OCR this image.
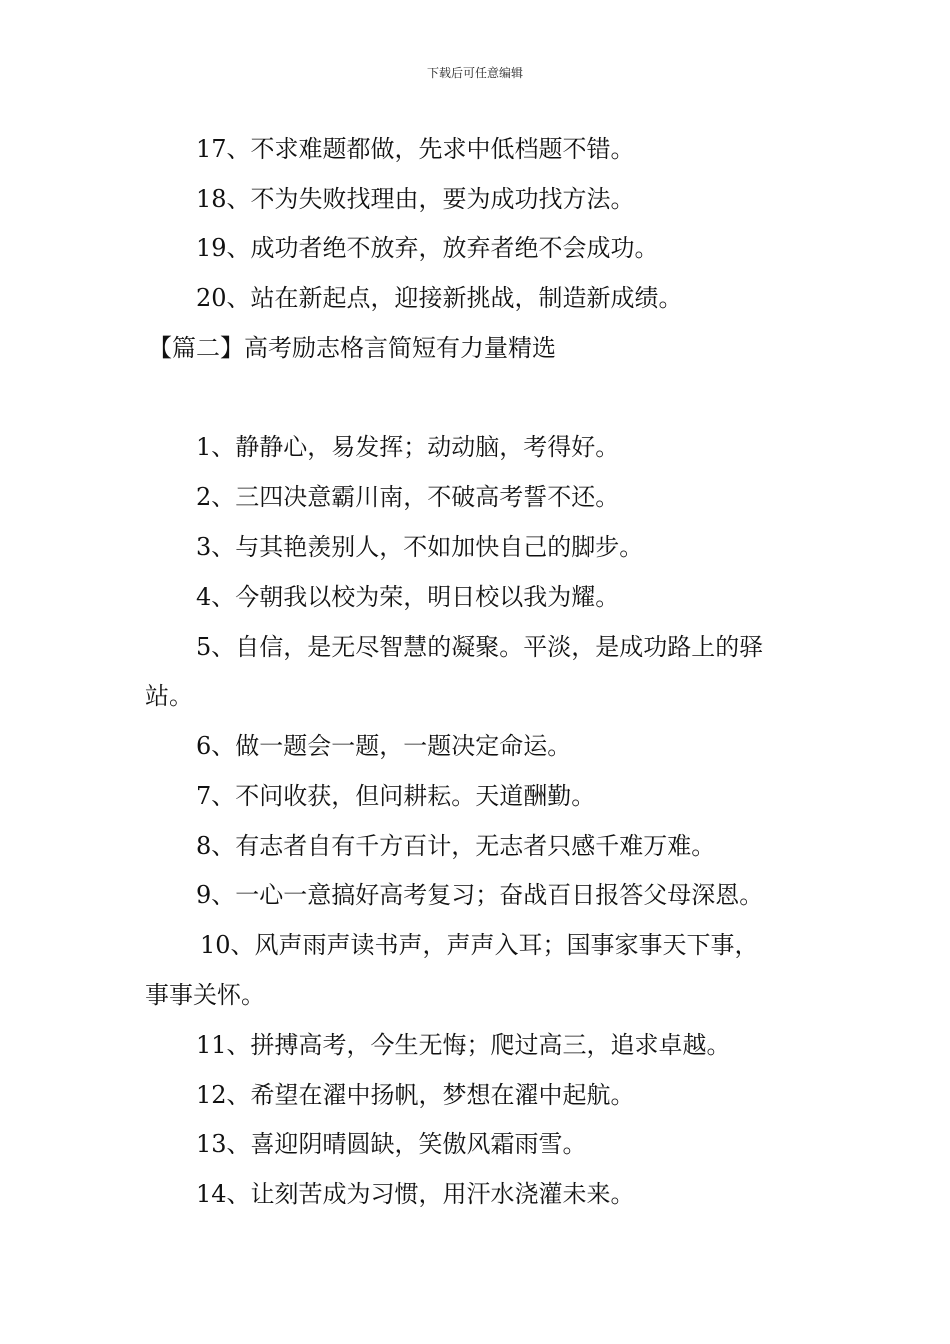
下载后可任意编辑
17、不求难题都做，先求中低档题不错。
18、不为失败找理由，要为成功找方法。
19、成功者绝不放弃，放弃者绝不会成功。
20、站在新起点，迎接新挑战，制造新成绩。
【篇二】高考励志格言简短有力量精选
1、静静心，易发挥；动动脑，考得好。
2、三四决意霸川南，不破高考誓不还。
3、与其艳羡别人，不如加快自己的脚步。
4、今朝我以校为荣，明日校以我为耀。
5、自信，是无尽智慧的凝聚。平淡，是成功路上的驿
站。
6、做一题会一题，一题决定命运。
7、不问收获，但问耕耘。天道酬勤。
8、有志者自有千方百计，无志者只感千难万难。
9、一心一意搞好高考复习；奋战百日报答父母深恩。
10、风声雨声读书声，声声入耳；国事家事天下事，
事事关怀。
11、拼搏高考，今生无悔；爬过高三，追求卓越。
12、希望在濯中扬帆，梦想在濯中起航。
13、喜迎阴晴圆缺，笑傲风霜雨雪。
14、让刻苦成为习惯，用汗水浇灌未来。
